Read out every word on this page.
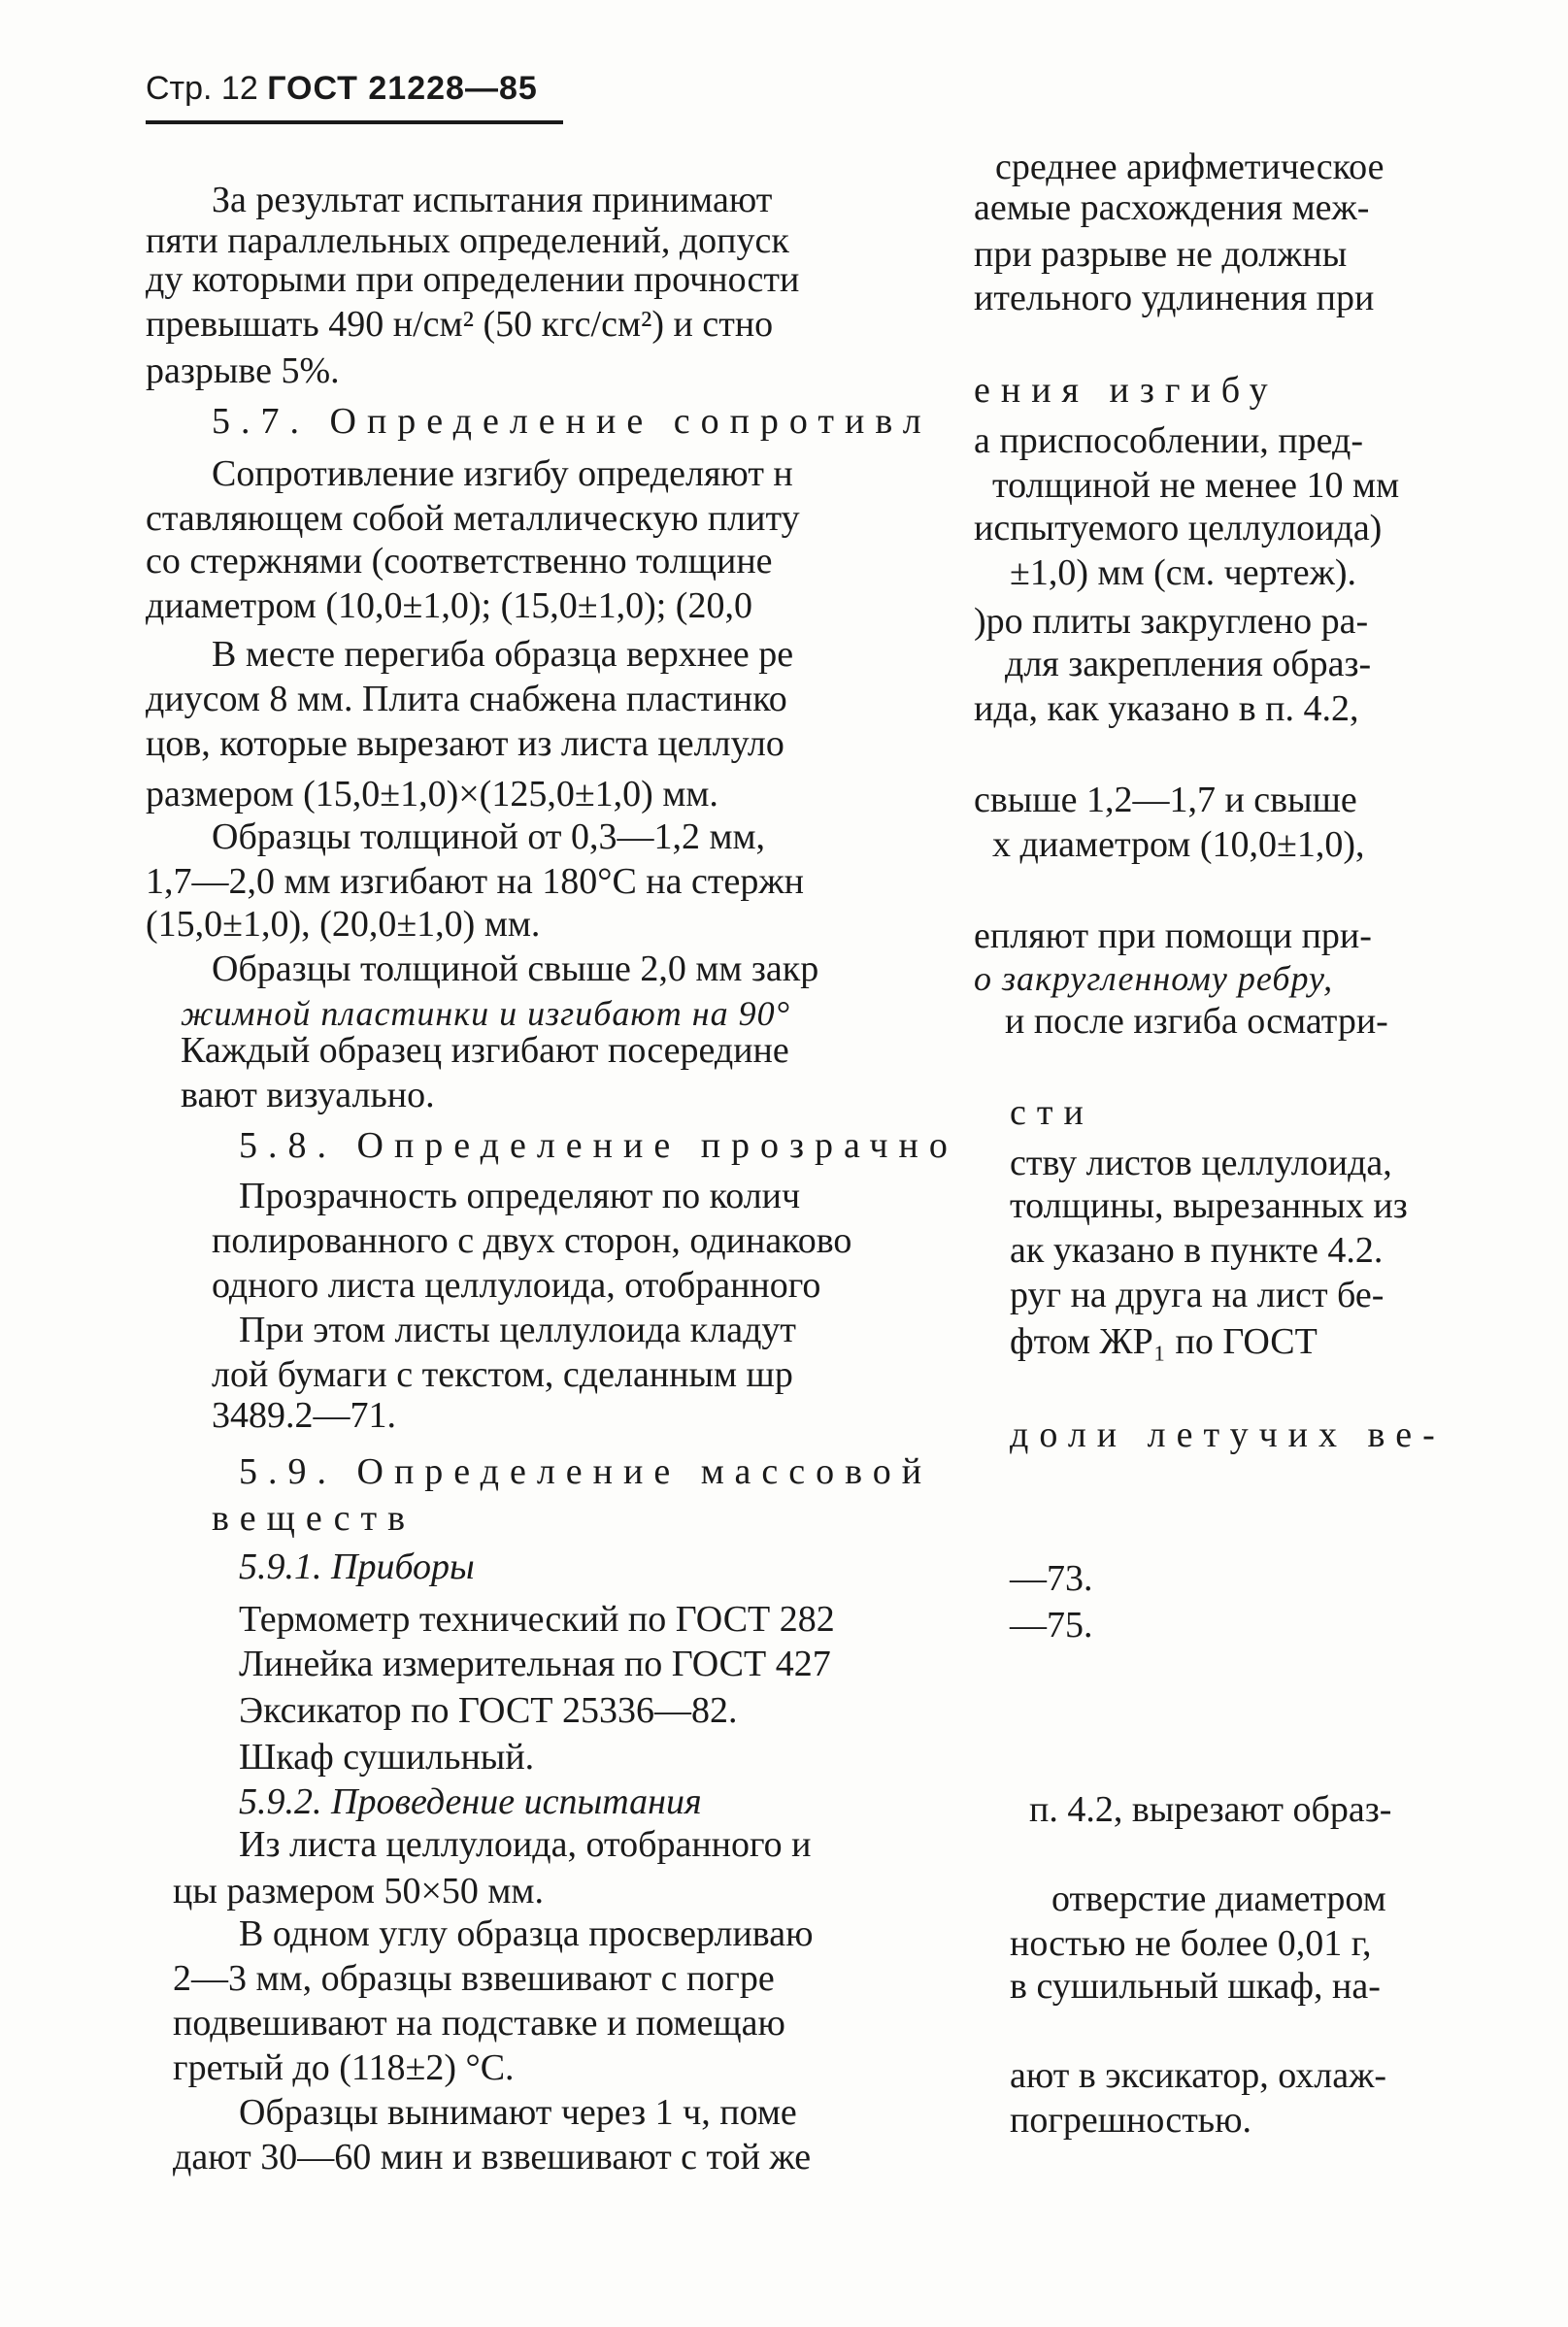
Стр. 12 ГОСТ 21228—85
среднее арифметическое
За результат испытания принимают	аемые расхождения меж-
пяти параллельных определений, допуск	при разрыве не должны
ду которыми при определении прочности	ительного удлинения при
превышать 490 н/см² (50 кгс/см²) и стно
разрыве 5%.	ения изгибу
5.7. Определение сопротивл а приспособлении, пред-
Сопротивление изгибу определяют н	толщиной не менее 10 мм
ставляющем собой металлическую плиту	испытуемого целлулоида)
со стержнями (соответственно толщине	±1,0) мм (см. чертеж).
диаметром (10,0±1,0); (15,0±1,0); (20,0	)ро плиты закруглено ра-
В месте перегиба образца верхнее ре	для закрепления образ-
диусом 8 мм. Плита снабжена пластинко	ида, как указано в п. 4.2,
цов, которые вырезают из листа целлуло
размером (15,0±1,0)×(125,0±1,0) мм.	свыше 1,2—1,7 и свыше
Образцы толщиной от 0,3—1,2 мм,	х диаметром (10,0±1,0),
1,7—2,0 мм изгибают на 180°С на стержн
(15,0±1,0), (20,0±1,0) мм.	епляют при помощи при-
Образцы толщиной свыше 2,0 мм закр	о закругленному ребру,
жимной пластинки и изгибают на 90°	и после изгиба осматри-
Каждый образец изгибают посередине
вают визуально.	сти
5.8. Определение прозрачно ству листов целлулоида,
Прозрачность определяют по колич	толщины, вырезанных из
полированного с двух сторон, одинаково	ак указано в пункте 4.2.
одного листа целлулоида, отобранного	руг на друга на лист бе-
При этом листы целлулоида кладут	фтом ЖР₁ по ГОСТ
лой бумаги с текстом, сделанным шр
3489.2—71.	доли летучих ве-
5.9. Определение массовой
веществ
5.9.1. Приборы	—73.
Термометр технический по ГОСТ 282	—75.
Линейка измерительная по ГОСТ 427
Эксикатор по ГОСТ 25336—82.
Шкаф сушильный.
5.9.2. Проведение испытания	п. 4.2, вырезают образ-
Из листа целлулоида, отобранного и
цы размером 50×50 мм.	отверстие диаметром
В одном углу образца просверливаю	ностью не более 0,01 г,
2—3 мм, образцы взвешивают с погре	в сушильный шкаф, на-
подвешивают на подставке и помещаю
гретый до (118±2) °С.	ают в эксикатор, охлаж-
Образцы вынимают через 1 ч, поме	погрешностью.
дают 30—60 мин и взвешивают с той же
